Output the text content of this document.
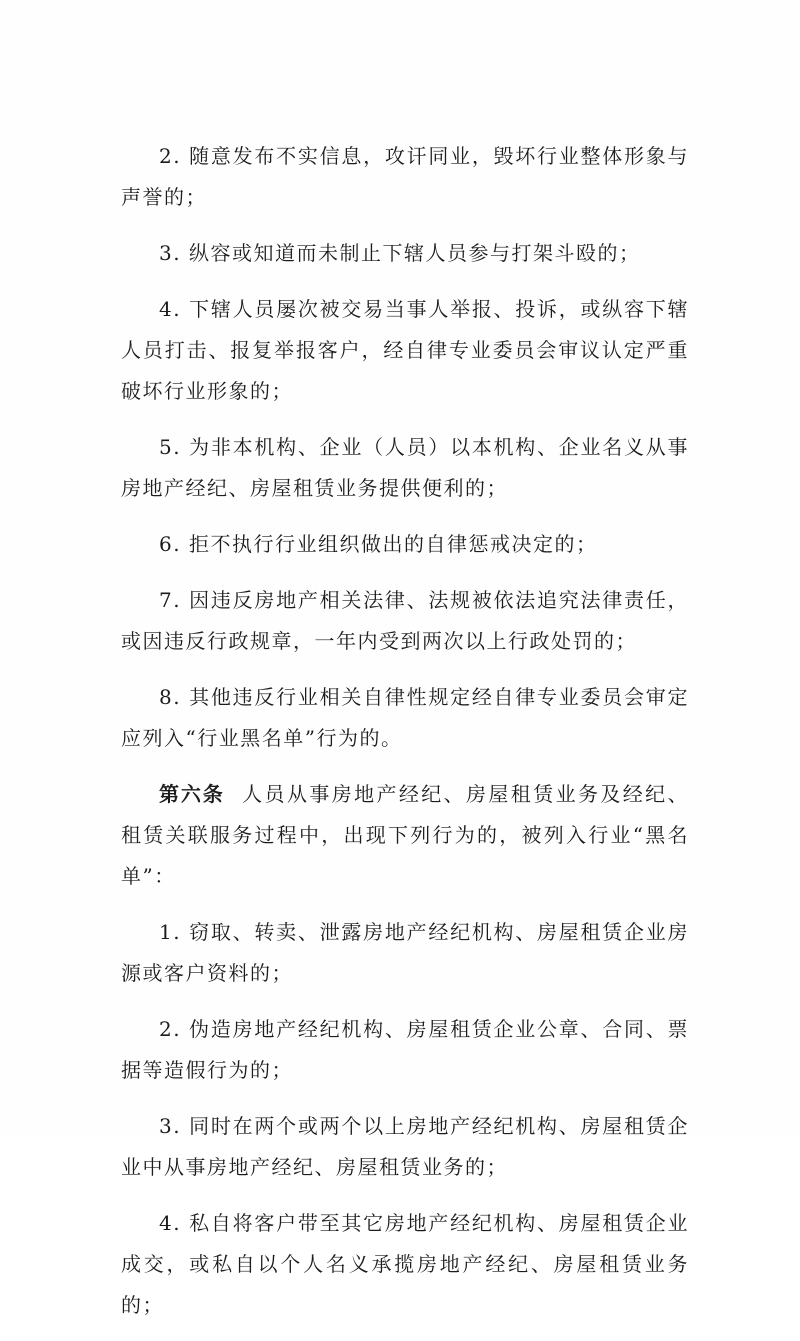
2. 随意发布不实信息，攻讦同业，毁坏行业整体形象与声誉的；

3. 纵容或知道而未制止下辖人员参与打架斗殴的；

4. 下辖人员屡次被交易当事人举报、投诉，或纵容下辖人员打击、报复举报客户，经自律专业委员会审议认定严重破坏行业形象的；

5. 为非本机构、企业（人员）以本机构、企业名义从事房地产经纪、房屋租赁业务提供便利的；

6. 拒不执行行业组织做出的自律惩戒决定的；

7. 因违反房地产相关法律、法规被依法追究法律责任，或因违反行政规章，一年内受到两次以上行政处罚的；

8. 其他违反行业相关自律性规定经自律专业委员会审定应列入“行业黑名单”行为的。

第六条 人员从事房地产经纪、房屋租赁业务及经纪、租赁关联服务过程中，出现下列行为的，被列入行业“黑名单”：

1. 窃取、转卖、泄露房地产经纪机构、房屋租赁企业房源或客户资料的；

2. 伪造房地产经纪机构、房屋租赁企业公章、合同、票据等造假行为的；

3. 同时在两个或两个以上房地产经纪机构、房屋租赁企业中从事房地产经纪、房屋租赁业务的；

4. 私自将客户带至其它房地产经纪机构、房屋租赁企业成交，或私自以个人名义承揽房地产经纪、房屋租赁业务的；
